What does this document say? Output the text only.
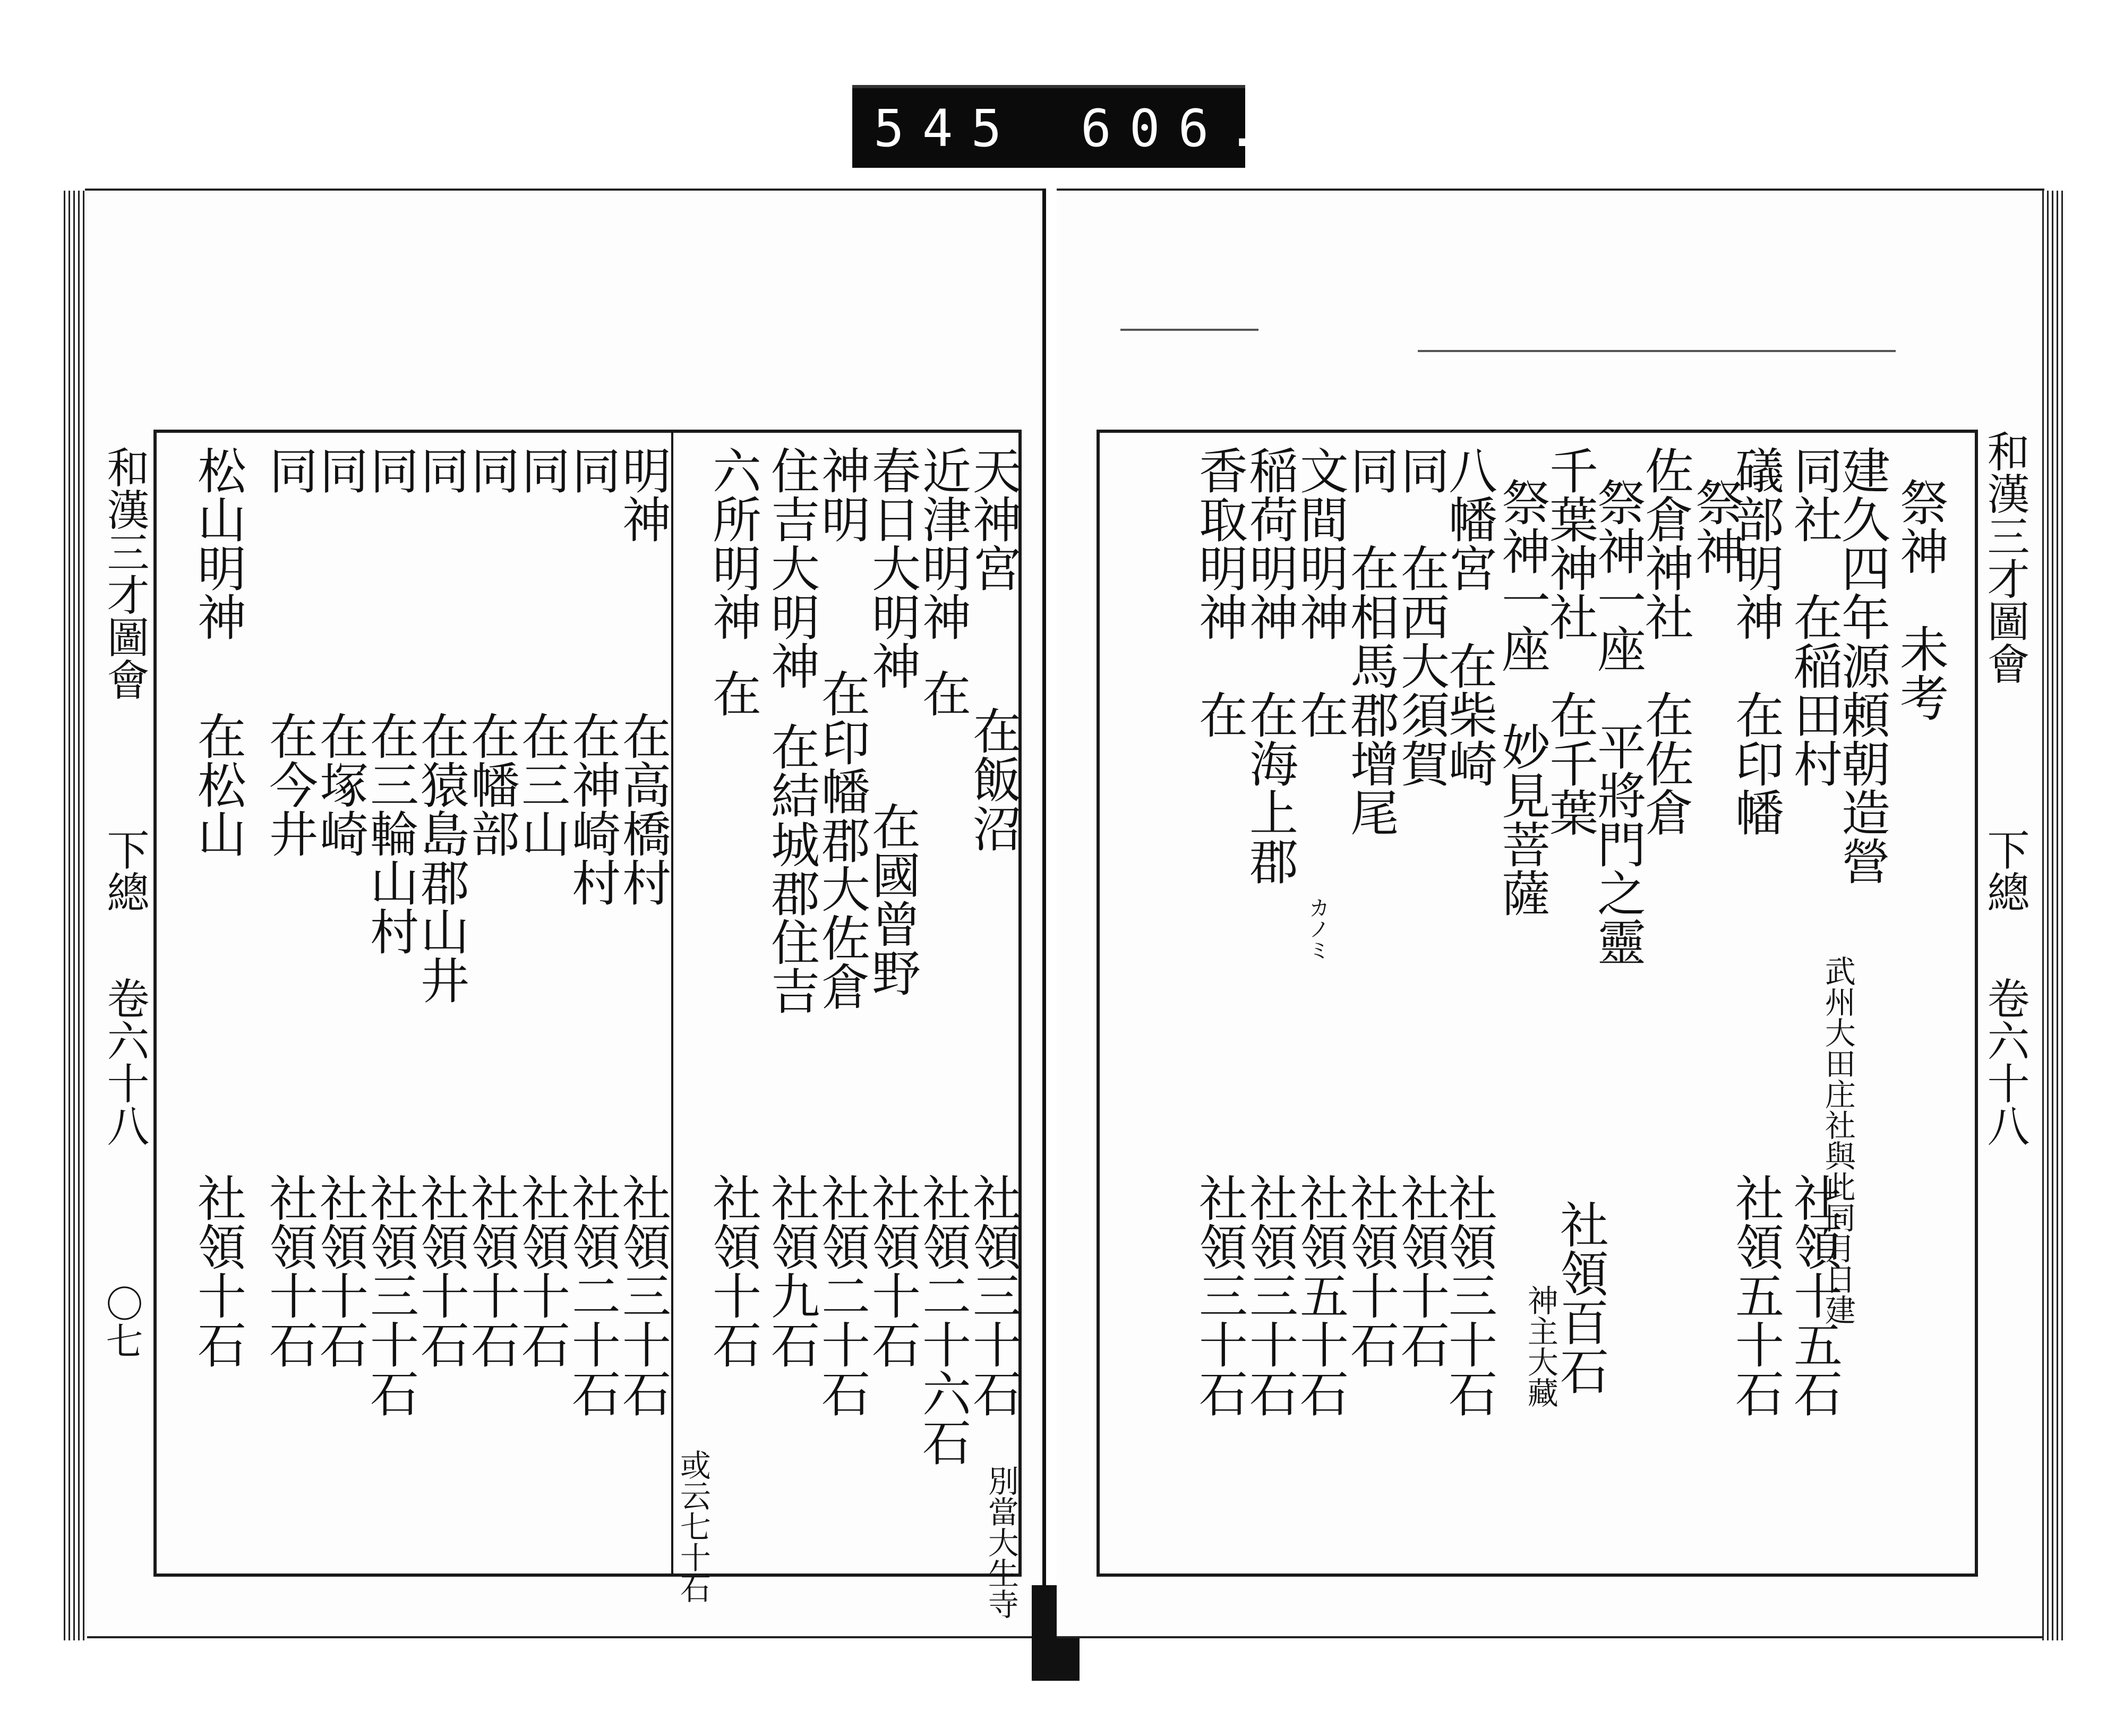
545 606.
和漢三才圖會
下總
卷六十八
〇七
天神宮
在飯沼
社領三十石
別當大生寺
近津明神
在
社領二十六石
春日大明神
在國曾野
社領十石
神明
在印幡郡大佐倉
社領二十石
住吉大明神
在結城郡住吉
社領九石
六所明神
在
社領十石
或云七十石
明神
在高橋村
社領三十石
同
在神崎村
社領二十石
同
在三山
社領十石
同
在幡部
社領十石
同
在猿島郡山井
社領十石
同
在三輪山村
社領三十石
同
在塚崎
社領十石
同
在今井
社領十石
松山明神
在松山
社領十石
和漢三才圖會
下總
卷六十八
祭神　未考
建久四年源頼朝造營
武州大田庄社與此同月日建
同社　在稲田村
社領十五石
礒部明神　在印幡
社領五十石
祭神
佐倉神社　在佐倉
祭神一座　平將門之靈
千葉神社　在千葉
社領百石
神主大藏
祭神一座　妙見菩薩
八幡宮　在柴崎
社領三十石
同　在西大須賀
社領十石
同　在相馬郡增尾
社領十石
文間明神　在
社領五十石
カノミ
稲荷明神　在海上郡
社領三十石
香取明神　在
社領三十石
